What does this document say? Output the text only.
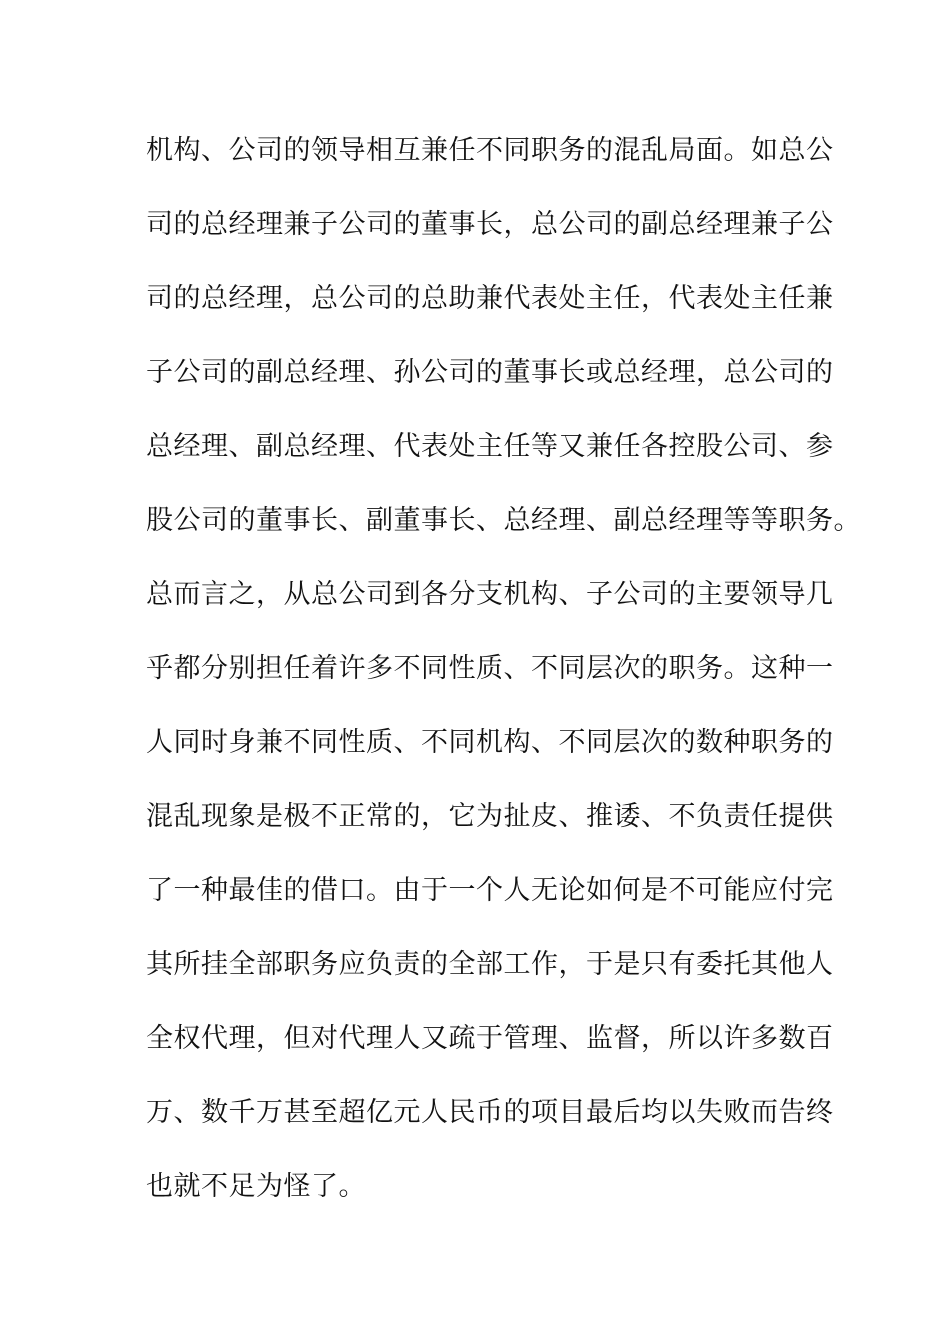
机构、公司的领导相互兼任不同职务的混乱局面。如总公
司的总经理兼子公司的董事长，总公司的副总经理兼子公
司的总经理，总公司的总助兼代表处主任，代表处主任兼
子公司的副总经理、孙公司的董事长或总经理，总公司的
总经理、副总经理、代表处主任等又兼任各控股公司、参
股公司的董事长、副董事长、总经理、副总经理等等职务。
总而言之，从总公司到各分支机构、子公司的主要领导几
乎都分别担任着许多不同性质、不同层次的职务。这种一
人同时身兼不同性质、不同机构、不同层次的数种职务的
混乱现象是极不正常的，它为扯皮、推诿、不负责任提供
了一种最佳的借口。由于一个人无论如何是不可能应付完
其所挂全部职务应负责的全部工作，于是只有委托其他人
全权代理，但对代理人又疏于管理、监督，所以许多数百
万、数千万甚至超亿元人民币的项目最后均以失败而告终
也就不足为怪了。
